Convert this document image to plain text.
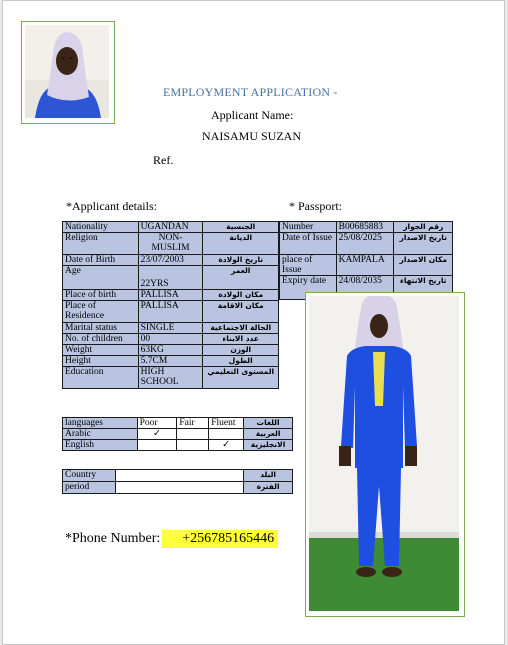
EMPLOYMENT APPLICATION -
Applicant Name:
NAISAMU SUZAN
Ref.
*Applicant details:	* Passport:
Nationality	UGANDAN	الجنسية
Religion	NON-MUSLIM	الديانة
Date of Birth	23/07/2003	تاريخ الولادة
Age	22YRS	العمر
Place of birth	PALLISA	مكان الولادة
Place of Residence	PALLISA	مكان الاقامة
Marital status	SINGLE	الحالة الاجتماعية
No. of children	00	عدد الابناء
Weight	63KG	الوزن
Height	5.7CM	الطول
Education	HIGH SCHOOL	المستوى التعليمي
Number	B00685883	رقم الجواز
Date of Issue	25/08/2025	تاريخ الاصدار
place of Issue	KAMPALA	مكان الاصدار
Expiry date	24/08/2035	تاريخ الانتهاء
languages	Poor	Fair	Fluent	اللغات
Arabic	✓			العربية
English			✓	الانجليزية
Country		البلد
period		الفترة
*Phone Number: +256785165446
